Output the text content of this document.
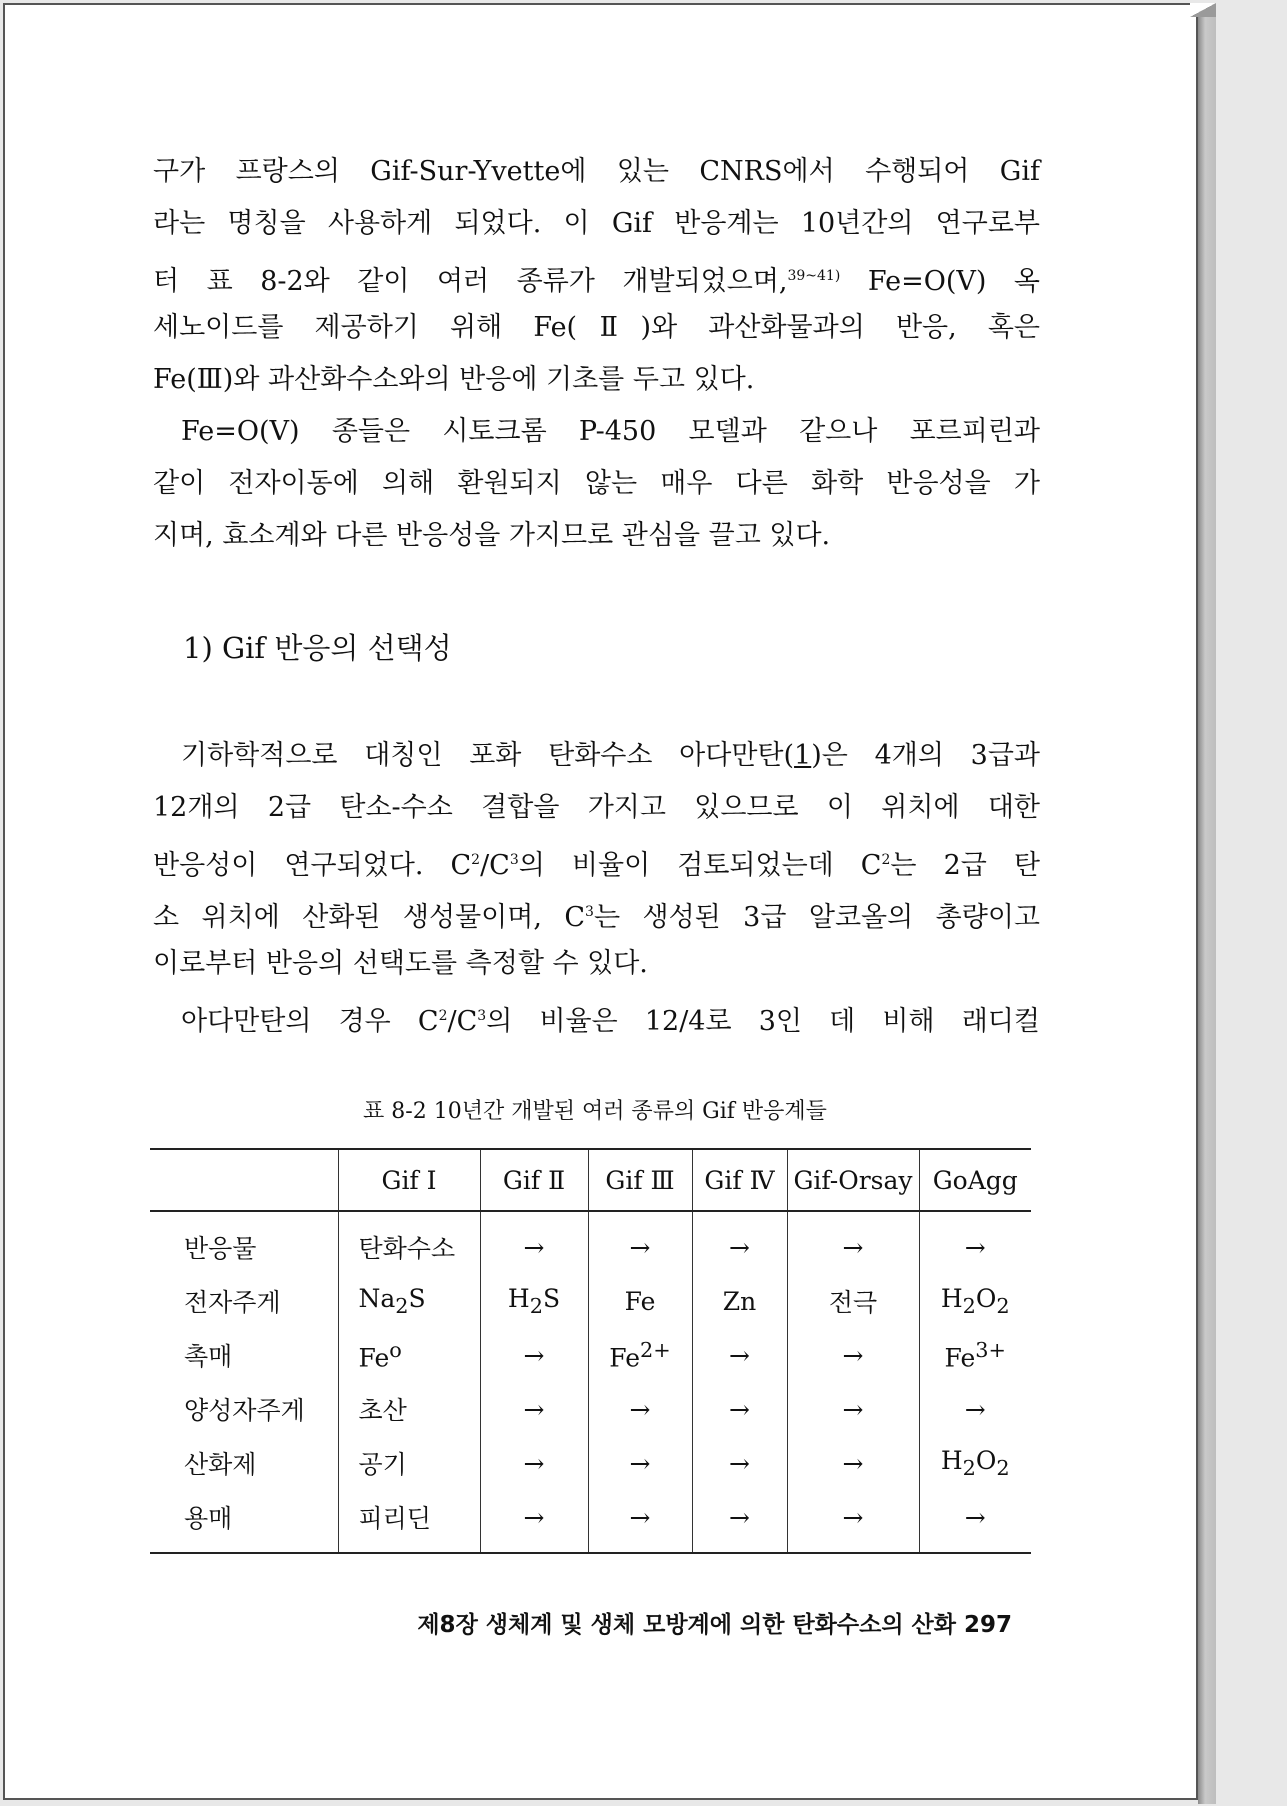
구가 프랑스의 Gif-Sur-Yvette에 있는 CNRS에서 수행되어 Gif
라는 명칭을 사용하게 되었다. 이 Gif 반응계는 10년간의 연구로부
터 표 8-2와 같이 여러 종류가 개발되었으며,$^{39\sim 41)}$ Fe=O(V) 옥
세노이드를 제공하기 위해 Fe(Ⅱ)와 과산화물과의 반응, 혹은
Fe(Ⅲ)와 과산화수소와의 반응에 기초를 두고 있다.
Fe=O(V) 종들은 시토크롬 P-450 모델과 같으나 포르피린과
같이 전자이동에 의해 환원되지 않는 매우 다른 화학 반응성을 가
지며, 효소계와 다른 반응성을 가지므로 관심을 끌고 있다.
1) Gif 반응의 선택성
기하학적으로 대칭인 포화 탄화수소 아다만탄(1)은 4개의 3급과
12개의 2급 탄소-수소 결합을 가지고 있으므로 이 위치에 대한
반응성이 연구되었다. $C^2/C^3$의 비율이 검토되었는데 $C^2$는 2급 탄
소 위치에 산화된 생성물이며, $C^3$는 생성된 3급 알코올의 총량이고
이로부터 반응의 선택도를 측정할 수 있다.
아다만탄의 경우 $C^2/C^3$의 비율은 12/4로 3인 데 비해 래디컬

표 8-2 10년간 개발된 여러 종류의 Gif 반응계들

	Gif Ⅰ	Gif Ⅱ	Gif Ⅲ	Gif Ⅳ	Gif-Orsay	GoAgg
반응물	탄화수소	→	→	→	→	→
전자주게	$Na_2S$	$H_2S$	Fe	Zn	전극	$H_2O_2$
촉매	$Fe^o$	→	$Fe^{2+}$	→	→	$Fe^{3+}$
양성자주게	초산	→	→	→	→	→
산화제	공기	→	→	→	→	$H_2O_2$
용매	피리딘	→	→	→	→	→

제8장 생체계 및 생체 모방계에 의한 탄화수소의 산화 297
